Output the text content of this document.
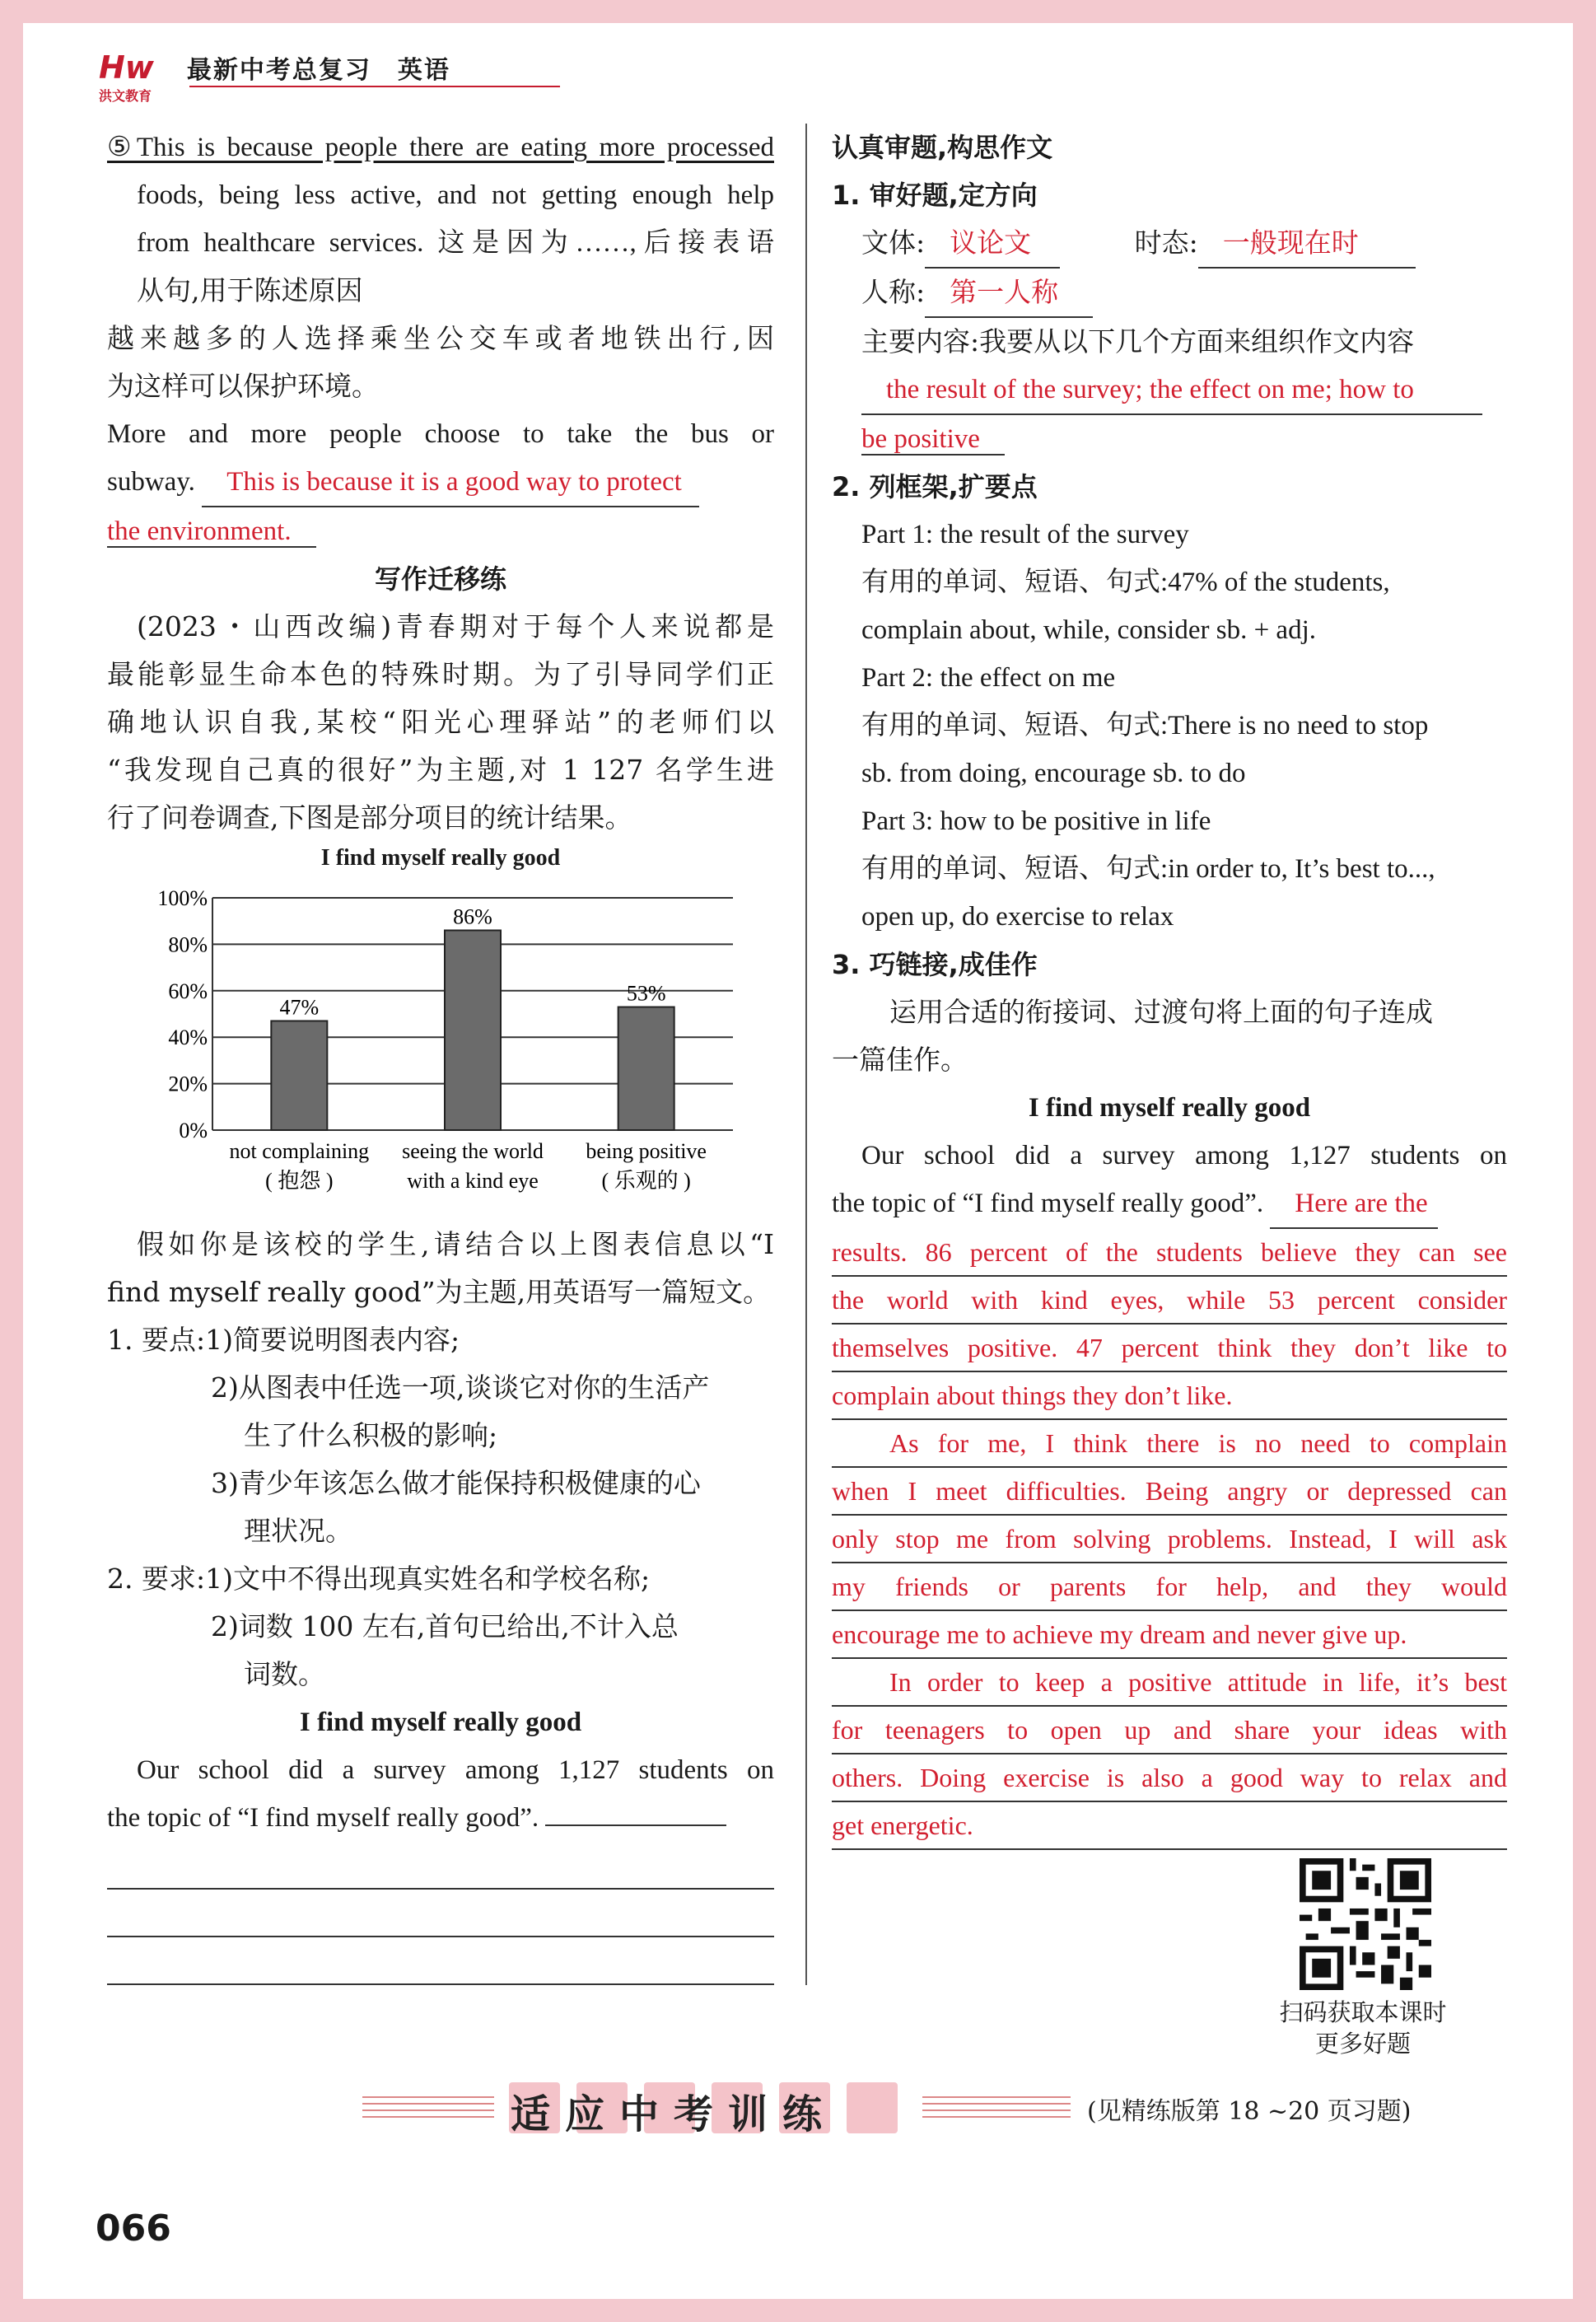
Hw 最新中考总复习　英语
洪文教育
⑤This is because people there are eating more processed
foods, being less active, and not getting enough help
from healthcare services. 这是因为……,后接表语
从句,用于陈述原因
越来越多的人选择乘坐公交车或者地铁出行,因
为这样可以保护环境。
More and more people choose to take the bus or
subway. This is because it is a good way to protect
the environment.
写作迁移练
(2023・山西改编)青春期对于每个人来说都是
最能彰显生命本色的特殊时期。为了引导同学们正
确地认识自我,某校“阳光心理驿站”的老师们以
“我发现自己真的很好”为主题,对 1 127 名学生进
行了问卷调查,下图是部分项目的统计结果。
I find myself really good
100%
80%
60%
40%
20%
0%
47%
not complaining
( 抱怨 )
86%
seeing the world
with a kind eye
53%
being positive
( 乐观的 )
假如你是该校的学生,请结合以上图表信息以“I
find myself really good”为主题,用英语写一篇短文。
1. 要点:1)简要说明图表内容;
2)从图表中任选一项,谈谈它对你的生活产
生了什么积极的影响;
3)青少年该怎么做才能保持积极健康的心
理状况。
2. 要求:1)文中不得出现真实姓名和学校名称;
2)词数 100 左右,首句已给出,不计入总
词数。
I find myself really good
Our school did a survey among 1,127 students on
the topic of “I find myself really good”.
认真审题,构思作文
1. 审好题,定方向
文体: 议论文	时态: 一般现在时
人称: 第一人称
主要内容:我要从以下几个方面来组织作文内容
the result of the survey; the effect on me; how to
be positive
2. 列框架,扩要点
Part 1: the result of the survey
有用的单词、短语、句式:47% of the students,
complain about, while, consider sb. + adj.
Part 2: the effect on me
有用的单词、短语、句式:There is no need to stop
sb. from doing, encourage sb. to do
Part 3: how to be positive in life
有用的单词、短语、句式:in order to, It’s best to...,
open up, do exercise to relax
3. 巧链接,成佳作
运用合适的衔接词、过渡句将上面的句子连成
一篇佳作。
I find myself really good
Our school did a survey among 1,127 students on
the topic of “I find myself really good”. Here are the
results. 86 percent of the students believe they can see
the world with kind eyes, while 53 percent consider
themselves positive. 47 percent think they don’t like to
complain about things they don’t like.
As for me, I think there is no need to complain
when I meet difficulties. Being angry or depressed can
only stop me from solving problems. Instead, I will ask
my friends or parents for help, and they would
encourage me to achieve my dream and never give up.
In order to keep a positive attitude in life, it’s best
for teenagers to open up and share your ideas with
others. Doing exercise is also a good way to relax and
get energetic.
扫码获取本课时
更多好题
适应中考训练	(见精练版第 18 ~20 页习题)
066
